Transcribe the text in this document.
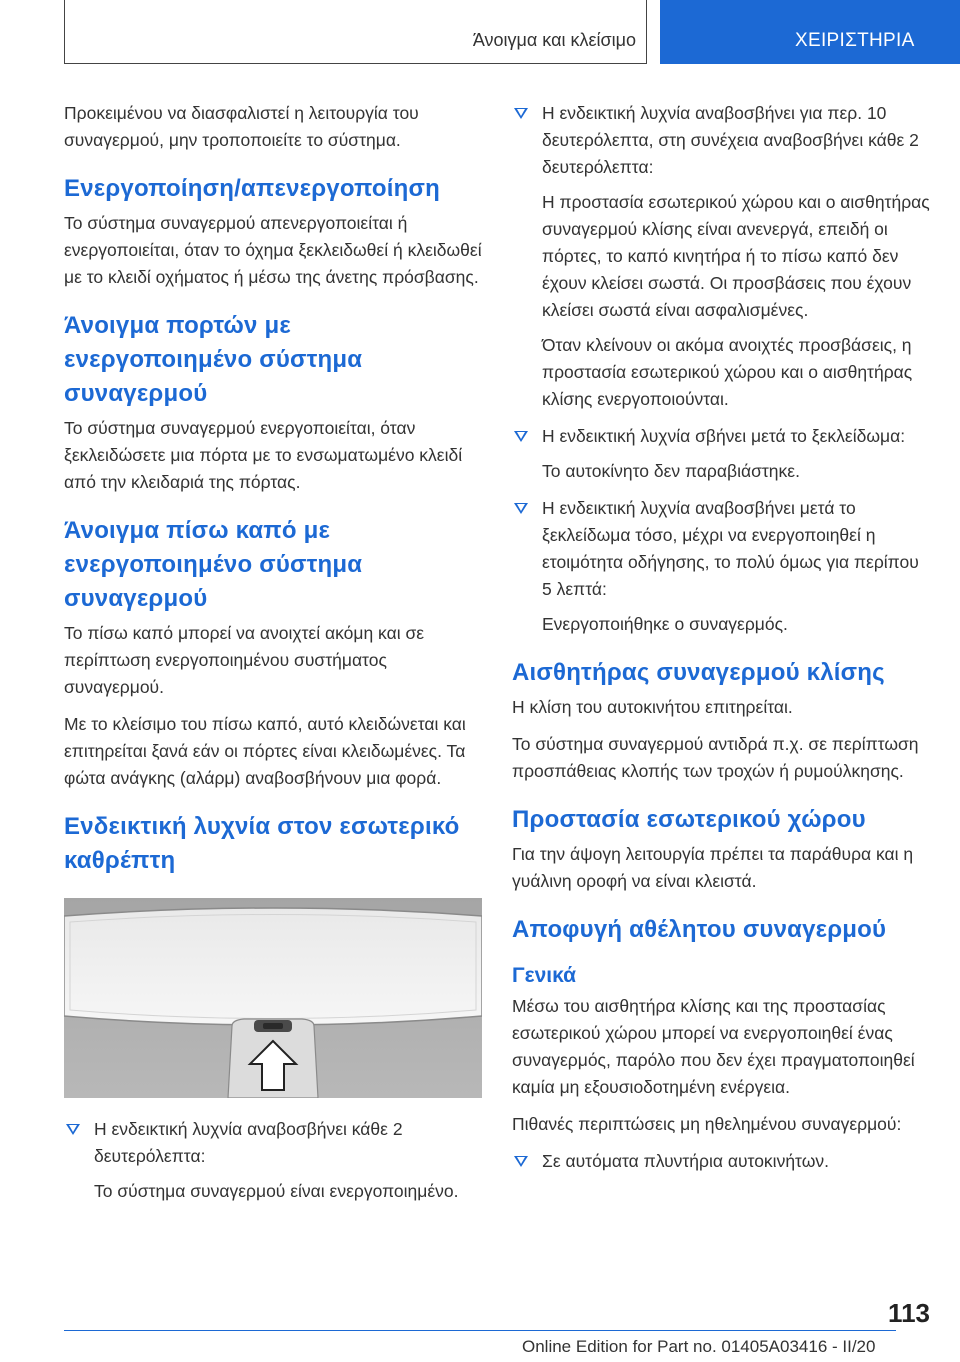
Άνοιγμα και κλείσιμο	ΧΕΙΡΙΣΤΗΡΙΑ

Προκειμένου να διασφαλιστεί η λειτουργία του συναγερμού, μην τροποποιείτε το σύστημα.

Ενεργοποίηση/απενεργοποίηση

Το σύστημα συναγερμού απενεργοποιείται ή ενεργοποιείται, όταν το όχημα ξεκλειδωθεί ή κλειδωθεί με το κλειδί οχήματος ή μέσω της άνετης πρόσβασης.

Άνοιγμα πορτών με ενεργοποιημένο σύστημα συναγερμού

Το σύστημα συναγερμού ενεργοποιείται, όταν ξεκλειδώσετε μια πόρτα με το ενσωματωμένο κλειδί από την κλειδαριά της πόρτας.

Άνοιγμα πίσω καπό με ενεργοποιημένο σύστημα συναγερμού

Το πίσω καπό μπορεί να ανοιχτεί ακόμη και σε περίπτωση ενεργοποιημένου συστήματος συναγερμού.

Με το κλείσιμο του πίσω καπό, αυτό κλειδώνεται και επιτηρείται ξανά εάν οι πόρτες είναι κλειδωμένες. Τα φώτα ανάγκης (αλάρμ) αναβοσβήνουν μια φορά.

Ενδεικτική λυχνία στον εσωτερικό καθρέπτη

Η ενδεικτική λυχνία αναβοσβήνει κάθε 2 δευτερόλεπτα:

Το σύστημα συναγερμού είναι ενεργοποιημένο.

Η ενδεικτική λυχνία αναβοσβήνει για περ. 10 δευτερόλεπτα, στη συνέχεια αναβοσβήνει κάθε 2 δευτερόλεπτα:

Η προστασία εσωτερικού χώρου και ο αισθητήρας συναγερμού κλίσης είναι ανενεργά, επειδή οι πόρτες, το καπό κινητήρα ή το πίσω καπό δεν έχουν κλείσει σωστά. Οι προσβάσεις που έχουν κλείσει σωστά είναι ασφαλισμένες.

Όταν κλείνουν οι ακόμα ανοιχτές προσβάσεις, η προστασία εσωτερικού χώρου και ο αισθητήρας κλίσης ενεργοποιούνται.

Η ενδεικτική λυχνία σβήνει μετά το ξεκλείδωμα:

Το αυτοκίνητο δεν παραβιάστηκε.

Η ενδεικτική λυχνία αναβοσβήνει μετά το ξεκλείδωμα τόσο, μέχρι να ενεργοποιηθεί η ετοιμότητα οδήγησης, το πολύ όμως για περίπου 5 λεπτά:

Ενεργοποιήθηκε ο συναγερμός.

Αισθητήρας συναγερμού κλίσης

Η κλίση του αυτοκινήτου επιτηρείται.

Το σύστημα συναγερμού αντιδρά π.χ. σε περίπτωση προσπάθειας κλοπής των τροχών ή ρυμούλκησης.

Προστασία εσωτερικού χώρου

Για την άψογη λειτουργία πρέπει τα παράθυρα και η γυάλινη οροφή να είναι κλειστά.

Αποφυγή αθέλητου συναγερμού
Γενικά

Μέσω του αισθητήρα κλίσης και της προστασίας εσωτερικού χώρου μπορεί να ενεργοποιηθεί ένας συναγερμός, παρόλο που δεν έχει πραγματοποιηθεί καμία μη εξουσιοδοτημένη ενέργεια.

Πιθανές περιπτώσεις μη ηθελημένου συναγερμού:

Σε αυτόματα πλυντήρια αυτοκινήτων.

113
Online Edition for Part no. 01405A03416 - II/20
